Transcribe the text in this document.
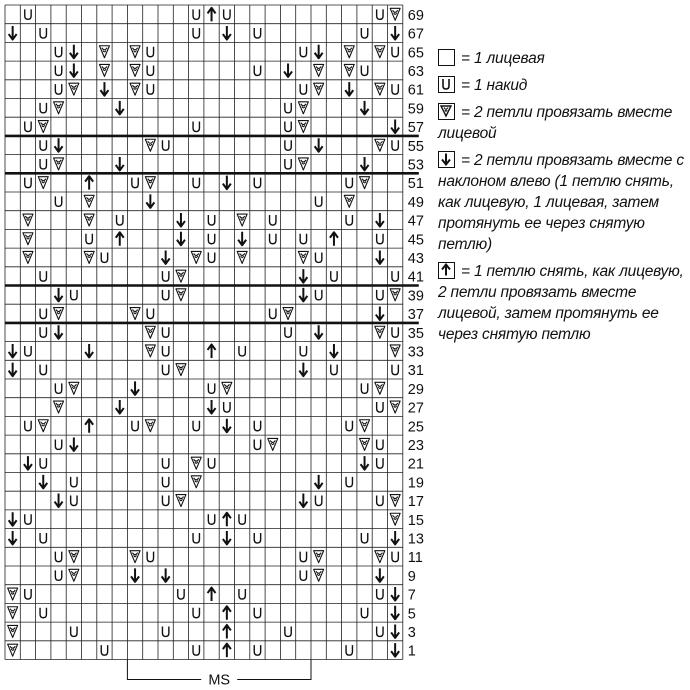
69
67
65
63
61
59
57
55
53
51
49
47
45
43
41
39
37
35
33
31
29
27
25
23
21
19
17
15
13
11
9
7
5
3
1
MS
= 1 лицевая
= 1 накид
= 2 петли провязать вместе лицевой
= 2 петли провязать вместе с наклоном влево (1 петлю снять, как лицевую, 1 лицевая, затем протянуть ее через снятую петлю)
= 1 петлю снять, как лицевую, 2 петли провязать вместе лицевой, затем протянуть ее через снятую петлю
